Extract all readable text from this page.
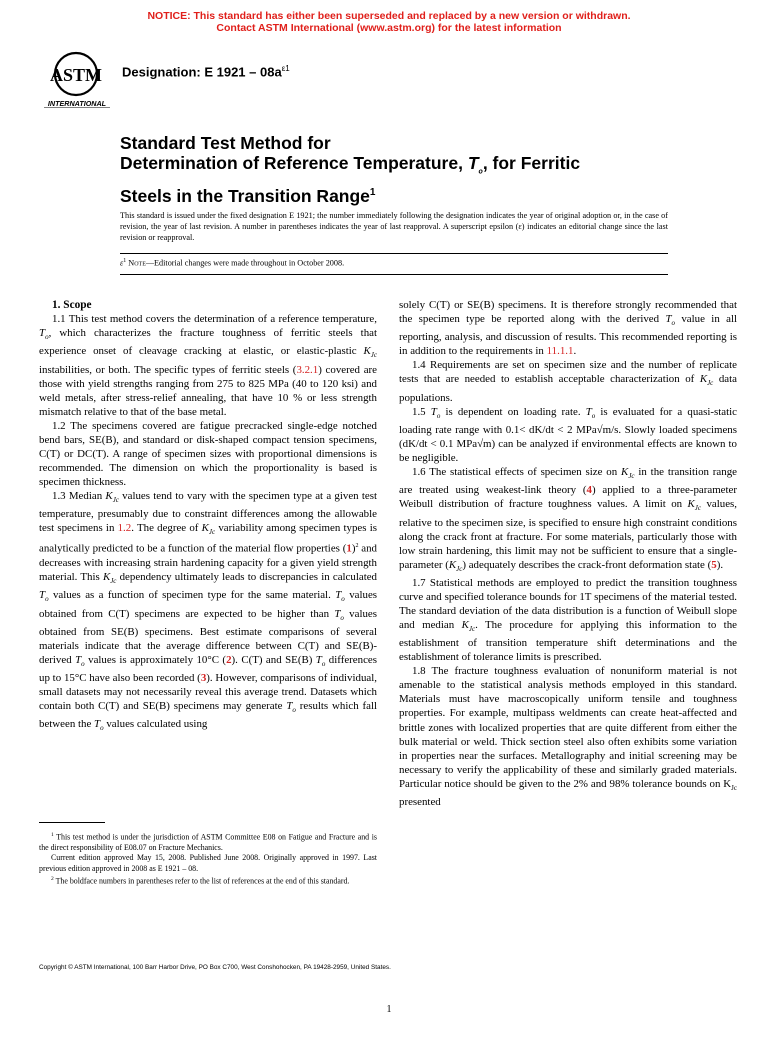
NOTICE: This standard has either been superseded and replaced by a new version or withdrawn.
Contact ASTM International (www.astm.org) for the latest information
ASTM
INTERNATIONAL
Designation: E $1921 - 08a^{\varepsilon 1}$
Standard Test Method for
Determination of Reference Temperature, $T_o$, for Ferritic
Steels in the Transition Range$^1$
This standard is issued under the fixed designation E 1921; the number immediately following the designation indicates the year of original adoption or, in the case of revision, the year of last revision. A number in parentheses indicates the year of last reapproval. A superscript epsilon (ε) indicates an editorial change since the last revision or reapproval.
$\varepsilon^1$ Note—Editorial changes were made throughout in October 2008.

1. Scope

1.1 This test method covers the determination of a reference temperature, $T_o$, which characterizes the fracture toughness of ferritic steels that experience onset of cleavage cracking at elastic, or elastic-plastic $K_{Jc}$ instabilities, or both. The specific types of ferritic steels (3.2.1) covered are those with yield strengths ranging from 275 to 825 MPa (40 to 120 ksi) and weld metals, after stress-relief annealing, that have 10 % or less strength mismatch relative to that of the base metal.

1.2 The specimens covered are fatigue precracked single-edge notched bend bars, SE(B), and standard or disk-shaped compact tension specimens, C(T) or DC(T). A range of specimen sizes with proportional dimensions is recommended. The dimension on which the proportionality is based is specimen thickness.

1.3 Median $K_{Jc}$ values tend to vary with the specimen type at a given test temperature, presumably due to constraint differences among the allowable test specimens in 1.2. The degree of $K_{Jc}$ variability among specimen types is analytically predicted to be a function of the material flow properties $(1)^2$ and decreases with increasing strain hardening capacity for a given yield strength material. This $K_{Jc}$ dependency ultimately leads to discrepancies in calculated $T_o$ values as a function of specimen type for the same material. $T_o$ values obtained from C(T) specimens are expected to be higher than $T_o$ values obtained from SE(B) specimens. Best estimate comparisons of several materials indicate that the average difference between C(T) and SE(B)-derived $T_o$ values is approximately 10°C (2). C(T) and SE(B) $T_o$ differences up to 15°C have also been recorded (3). However, comparisons of individual, small datasets may not necessarily reveal this average trend. Datasets which contain both C(T) and SE(B) specimens may generate $T_o$ results which fall between the $T_o$ values calculated using

solely C(T) or SE(B) specimens. It is therefore strongly recommended that the specimen type be reported along with the derived $T_o$ value in all reporting, analysis, and discussion of results. This recommended reporting is in addition to the requirements in 11.1.1.

1.4 Requirements are set on specimen size and the number of replicate tests that are needed to establish acceptable characterization of $K_{Jc}$ data populations.

1.5 $T_o$ is dependent on loading rate. $T_o$ is evaluated for a quasi-static loading rate range with 0.1< dK/dt < 2 MPa√m/s. Slowly loaded specimens (dK/dt < 0.1 MPa√m) can be analyzed if environmental effects are known to be negligible.

1.6 The statistical effects of specimen size on $K_{Jc}$ in the transition range are treated using weakest-link theory (4) applied to a three-parameter Weibull distribution of fracture toughness values. A limit on $K_{Jc}$ values, relative to the specimen size, is specified to ensure high constraint conditions along the crack front at fracture. For some materials, particularly those with low strain hardening, this limit may not be sufficient to ensure that a single-parameter $(K_{Jc})$ adequately describes the crack-front deformation state (5).

1.7 Statistical methods are employed to predict the transition toughness curve and specified tolerance bounds for 1T specimens of the material tested. The standard deviation of the data distribution is a function of Weibull slope and median $K_{Jc}$. The procedure for applying this information to the establishment of transition temperature shift determinations and the establishment of tolerance limits is prescribed.

1.8 The fracture toughness evaluation of nonuniform material is not amenable to the statistical analysis methods employed in this standard. Materials must have macroscopically uniform tensile and toughness properties. For example, multipass weldments can create heat-affected and brittle zones with localized properties that are quite different from either the bulk material or weld. Thick section steel also often exhibits some variation in properties near the surfaces. Metallography and initial screening may be necessary to verify the applicability of these and similarly graded materials. Particular notice should be given to the 2% and 98% tolerance bounds on $K_{Jc}$ presented

$^1$ This test method is under the jurisdiction of ASTM Committee E08 on Fatigue and Fracture and is the direct responsibility of E08.07 on Fracture Mechanics.

Current edition approved May 15, 2008. Published June 2008. Originally approved in 1997. Last previous edition approved in 2008 as E 1921 – 08.

$^2$ The boldface numbers in parentheses refer to the list of references at the end of this standard.

Copyright © ASTM International, 100 Barr Harbor Drive, PO Box C700, West Conshohocken, PA 19428-2959, United States.
1
